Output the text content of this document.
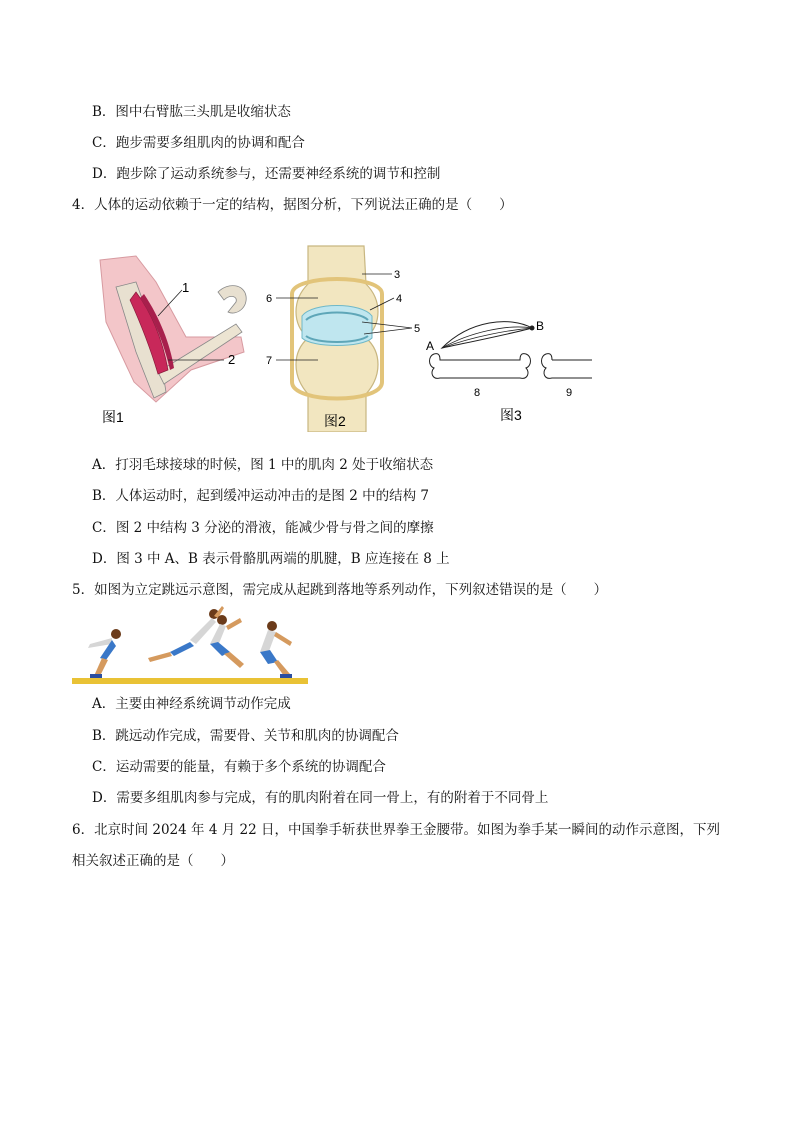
B．图中右臂肱三头肌是收缩状态
C．跑步需要多组肌肉的协调和配合
D．跑步除了运动系统参与，还需要神经系统的调节和控制
4．人体的运动依赖于一定的结构，据图分析，下列说法正确的是（　　）
1
2
图1
3
4
5
6
7
图2
A
B
8	9
图3
A．打羽毛球接球的时候，图 1 中的肌肉 2 处于收缩状态
B．人体运动时，起到缓冲运动冲击的是图 2 中的结构 7
C．图 2 中结构 3 分泌的滑液，能减少骨与骨之间的摩擦
D．图 3 中 A、B 表示骨骼肌两端的肌腱，B 应连接在 8 上
5．如图为立定跳远示意图，需完成从起跳到落地等系列动作，下列叙述错误的是（　　）
A．主要由神经系统调节动作完成
B．跳远动作完成，需要骨、关节和肌肉的协调配合
C．运动需要的能量，有赖于多个系统的协调配合
D．需要多组肌肉参与完成，有的肌肉附着在同一骨上，有的附着于不同骨上
6．北京时间 2024 年 4 月 22 日，中国拳手斩获世界拳王金腰带。如图为拳手某一瞬间的动作示意图，下列
相关叙述正确的是（　　）
